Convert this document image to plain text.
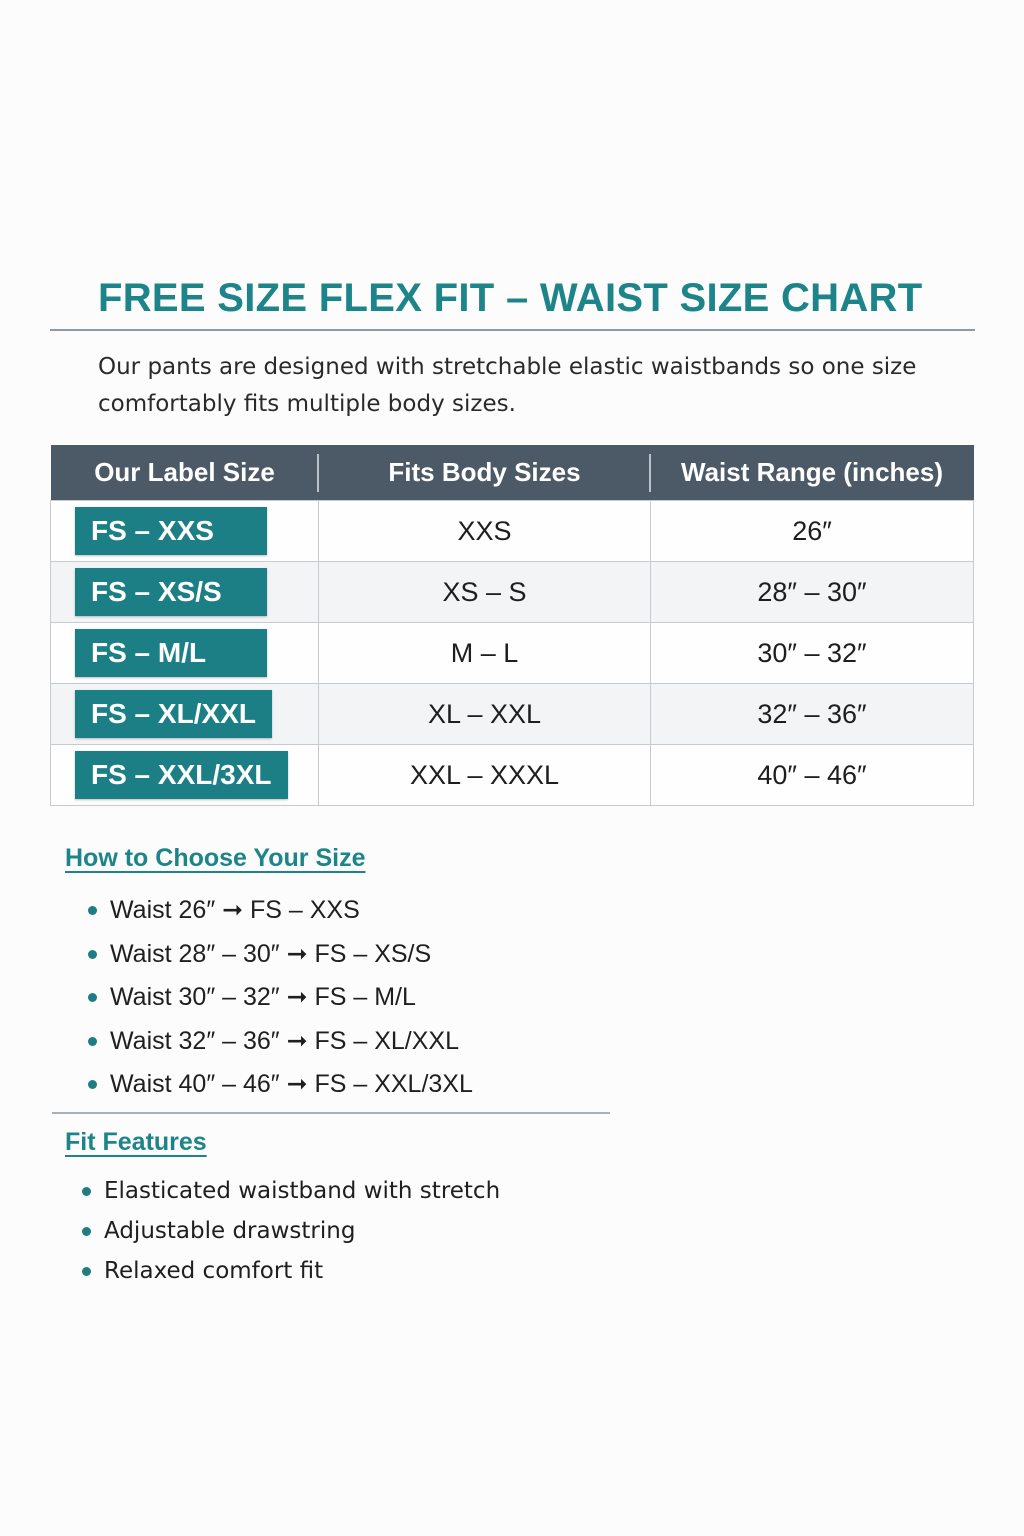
FREE SIZE FLEX FIT – WAIST SIZE CHART
Our pants are designed with stretchable elastic waistbands so one size comfortably fits multiple body sizes.
Our Label Size	Fits Body Sizes	Waist Range (inches)
FS – XXS	XXS	26″
FS – XS/S	XS – S	28″ – 30″
FS – M/L	M – L	30″ – 32″
FS – XL/XXL	XL – XXL	32″ – 36″
FS – XXL/3XL	XXL – XXXL	40″ – 46″
How to Choose Your Size
Waist 26″ ➞ FS – XXS
Waist 28″ – 30″ ➞ FS – XS/S
Waist 30″ – 32″ ➞ FS – M/L
Waist 32″ – 36″ ➞ FS – XL/XXL
Waist 40″ – 46″ ➞ FS – XXL/3XL
Fit Features
Elasticated waistband with stretch
Adjustable drawstring
Relaxed comfort fit
